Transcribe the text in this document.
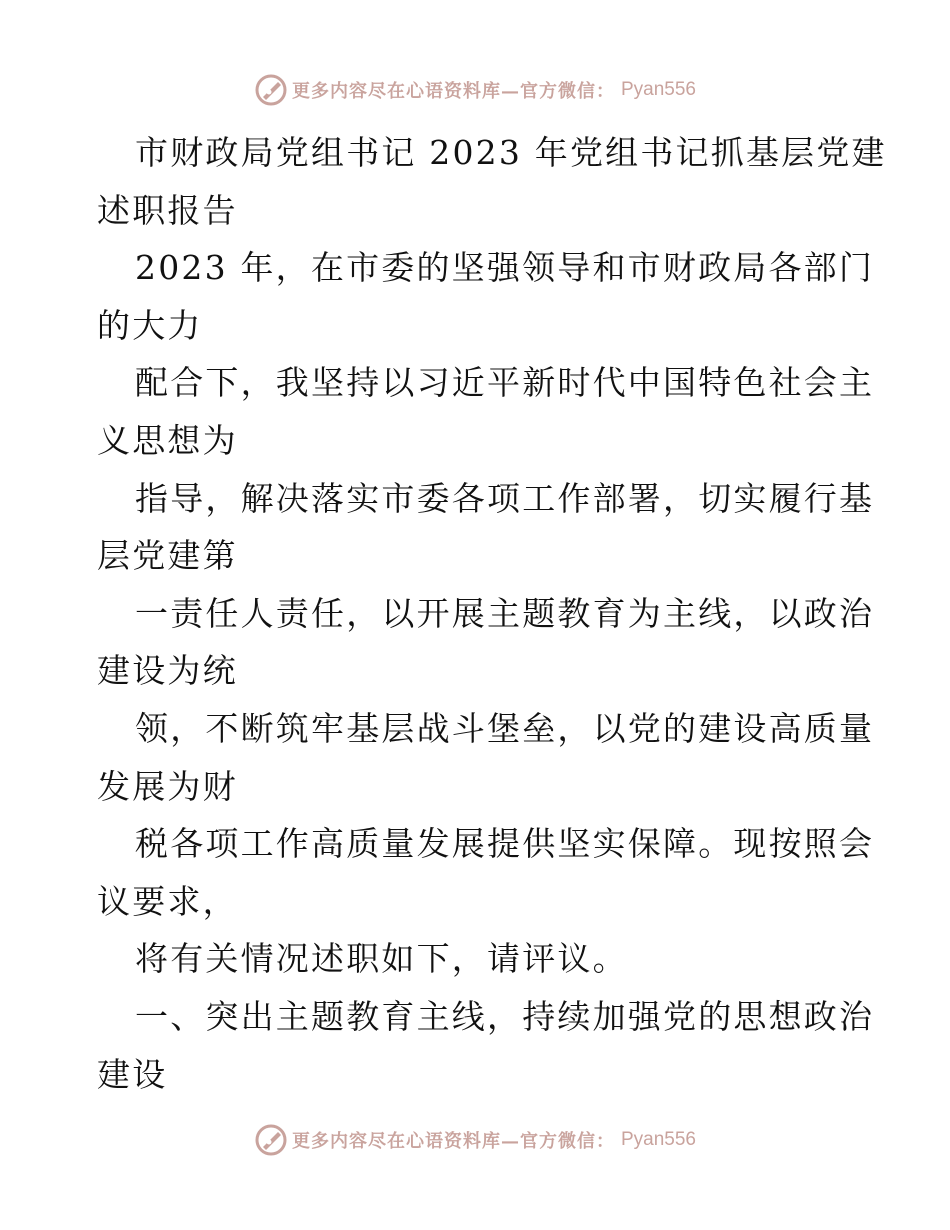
更多内容尽在心语资料库—官方微信： Pyan556
市财政局党组书记 2023 年党组书记抓基层党建
述职报告
2023 年，在市委的坚强领导和市财政局各部门
的大力
配合下，我坚持以习近平新时代中国特色社会主
义思想为
指导，解决落实市委各项工作部署，切实履行基
层党建第
一责任人责任，以开展主题教育为主线，以政治
建设为统
领，不断筑牢基层战斗堡垒，以党的建设高质量
发展为财
税各项工作高质量发展提供坚实保障。现按照会
议要求，
将有关情况述职如下，请评议。
一、突出主题教育主线，持续加强党的思想政治
建设
更多内容尽在心语资料库—官方微信： Pyan556
